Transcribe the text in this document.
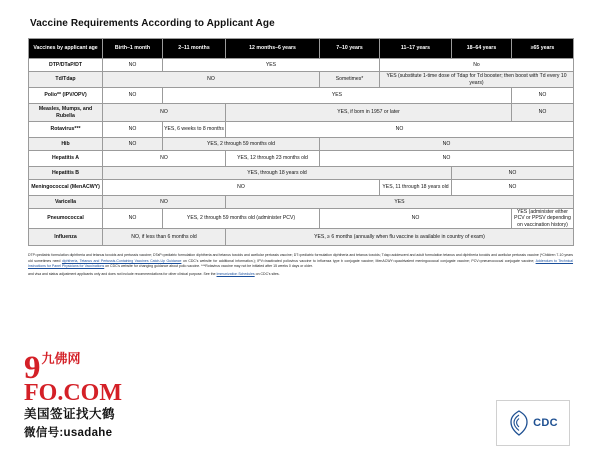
Vaccine Requirements According to Applicant Age
Vaccines by applicant age	Birth–1 month	2–11 months	12 months–6 years	7–10 years	11–17 years	18–64 years	≥65 years
DTP/DTaP/DT	NO	YES			No		
Td/Tdap	NO			Sometimes*	YES (substitute 1-time dose of Tdap for Td booster; then boost with Td every 10 years)		
Polio** (IPV/OPV)	NO	YES					NO
Measles, Mumps, and Rubella	NO		YES, if born in 1957 or later				NO
Rotavirus***	NO	YES, 6 weeks to 8 months	NO				
Hib	NO	YES, 2 through 59 months old		NO			
Hepatitis A	NO		YES, 12 through 23 months old	NO			
Hepatitis B	YES, through 18 years old					NO	
Meningococcal (MenACWY)	NO				YES, 11 through 18 years old	NO	
Varicella	NO		YES				
Pneumococcal	NO	YES, 2 through 59 months old (administer PCV)		NO			YES (administer either PCV or PPSV depending on vaccination history)
Influenza	NO, if less than 6 months old		YES, ≥ 6 months (annually when flu vaccine is available in country of exam)				

DTP=pediatric formulation diphtheria and tetanus toxoids and pertussis vaccine; DTaP=pediatric formulation diphtheria and tetanus toxoids and acellular pertussis vaccine; DT=pediatric formulation diphtheria and tetanus toxoids; Tdap=adolescent and adult formulation tetanus and diphtheria toxoids and acellular pertussis vaccine (*Children 7-10 years old sometimes need diphtheria, Tetanus and Pertussis-Containing Vaccines Catch-Up Guidance on CDC's website for additional information.); IPV=inactivated poliovirus vaccine to influenza type b conjugate vaccine; MenACWY=quadrivalent meningococcal conjugate vaccine; PCV=pneumococcal conjugate vaccine; Addendum to Technical Instructions for Panel Physicians for Vaccinations on CDC's website for changing guidance about polio vaccine. ***Rotavirus vaccine may not be initiated after 15 weeks 0 days or older.

and visa and status adjustment applicants only and does not include recommendations for other clinical purpose. See the Immunization Schedules on CDC's sites.

9 $^{九佛网}$
FO.COM
美国签证找大鹤
微信号:usadahe
CDC
